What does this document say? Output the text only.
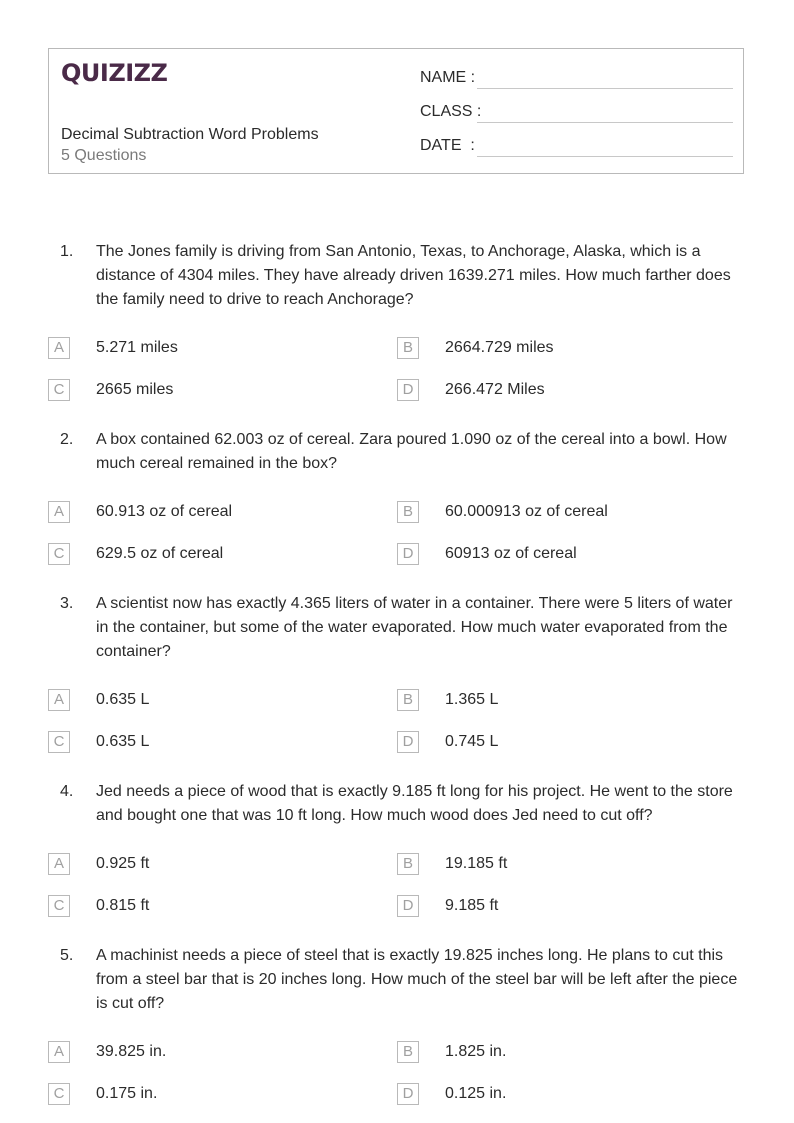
QUIZIZZ
Decimal Subtraction Word Problems
5 Questions
NAME :
CLASS :
DATE  :
1. The Jones family is driving from San Antonio, Texas, to Anchorage, Alaska, which is a distance of 4304 miles. They have already driven 1639.271 miles. How much farther does the family need to drive to reach Anchorage?
A	5.271 miles	B	2664.729 miles
C	2665 miles	D	266.472 Miles
2. A box contained 62.003 oz of cereal. Zara poured 1.090 oz of the cereal into a bowl. How much cereal remained in the box?
A	60.913 oz of cereal	B	60.000913 oz of cereal
C	629.5 oz of cereal	D	60913 oz of cereal
3. A scientist now has exactly 4.365 liters of water in a container. There were 5 liters of water in the container, but some of the water evaporated. How much water evaporated from the container?
A	0.635 L	B	1.365 L
C	0.635 L	D	0.745 L
4. Jed needs a piece of wood that is exactly 9.185 ft long for his project. He went to the store and bought one that was 10 ft long. How much wood does Jed need to cut off?
A	0.925 ft	B	19.185 ft
C	0.815 ft	D	9.185 ft
5. A machinist needs a piece of steel that is exactly 19.825 inches long. He plans to cut this from a steel bar that is 20 inches long. How much of the steel bar will be left after the piece is cut off?
A	39.825 in.	B	1.825 in.
C	0.175 in.	D	0.125 in.
